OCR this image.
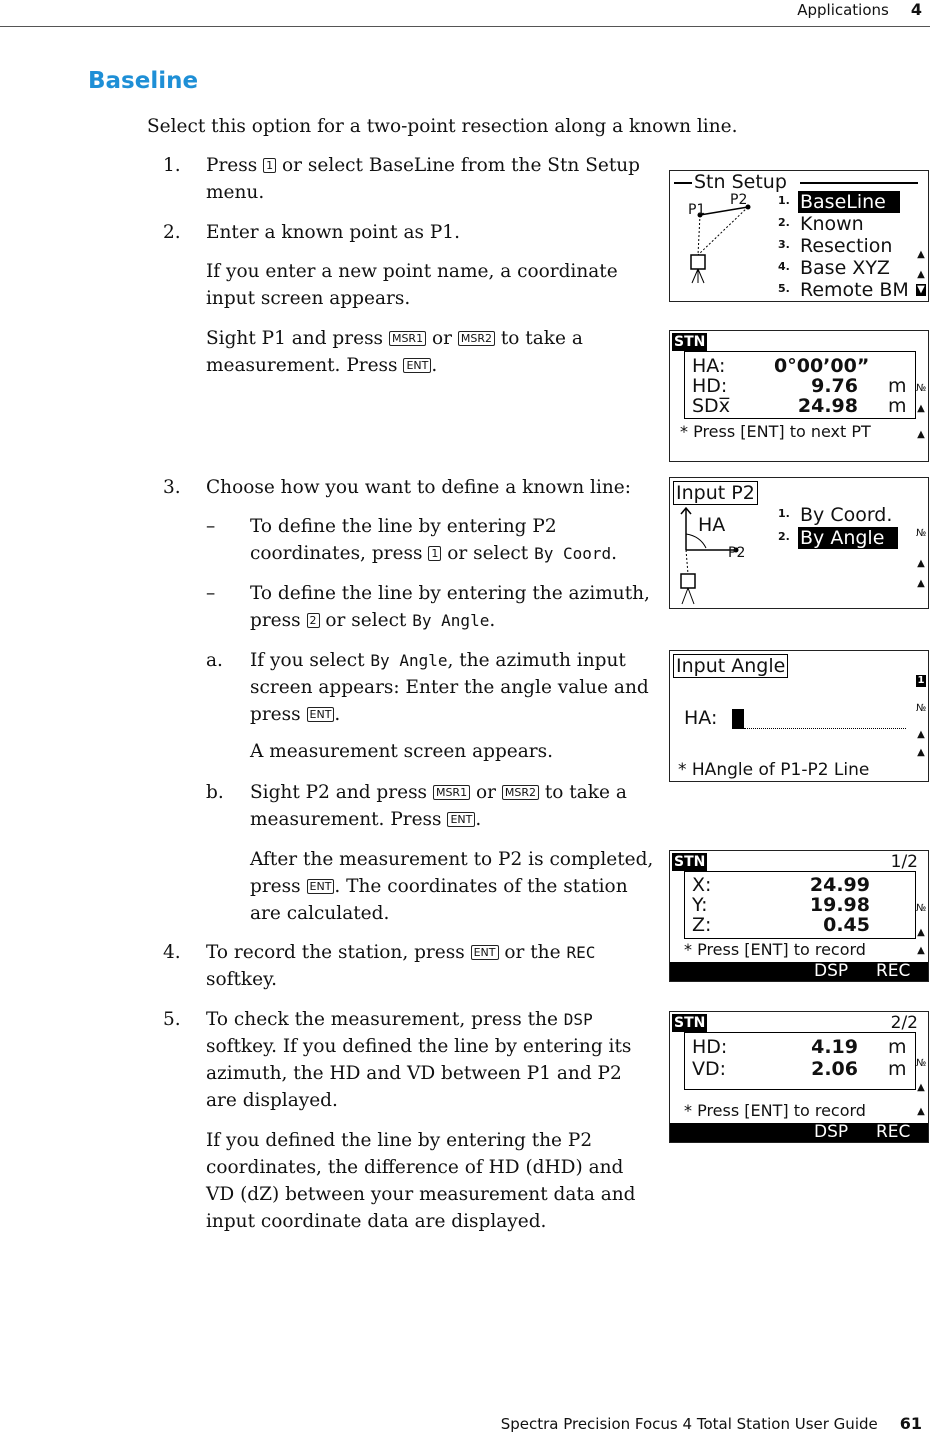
Applications 4
Baseline
Select this option for a two-point resection along a known line.
1. Press 1 or select BaseLine from the Stn Setup menu.
2. Enter a known point as P1.
If you enter a new point name, a coordinate input screen appears.
Sight P1 and press MSR1 or MSR2 to take a measurement. Press ENT .
3. Choose how you want to define a known line:
– To define the line by entering P2 coordinates, press 1 or select By Coord.
– To define the line by entering the azimuth, press 2 or select By Angle.
a. If you select By Angle, the azimuth input screen appears: Enter the angle value and press ENT .
A measurement screen appears.
b. Sight P2 and press MSR1 or MSR2 to take a measurement. Press ENT .
After the measurement to P2 is completed, press ENT . The coordinates of the station are calculated.
4. To record the station, press ENT or the REC softkey.
5. To check the measurement, press the DSP softkey. If you defined the line by entering its azimuth, the HD and VD between P1 and P2 are displayed.
If you defined the line by entering the P2 coordinates, the difference of HD (dHD) and VD (dZ) between your measurement data and input coordinate data are displayed.
Stn Setup
P1
P2	1. BaseLine
2. Known
3. Resection
4. Base XYZ
5. Remote BM
▲
▲
▼
STN
HA:	0°00’00”
HD:	9.76 m
SDx̅	24.98 m
* Press [ENT] to next PT
№
▲
▲
Input P2
HA
P2
1. By Coord.
2. By Angle	№
▲
▲
Input Angle
HA:
* HAngle of P1-P2 Line
1
№
▲
▲
STN	1/2
X:	24.99
Y:	19.98
Z:	0.45
* Press [ENT] to record
DSP REC
№
▲
▲
STN	2/2
HD:	4.19 m
VD:	2.06 m
* Press [ENT] to record
DSP REC
№
▲
▲
Spectra Precision Focus 4 Total Station User Guide 61
